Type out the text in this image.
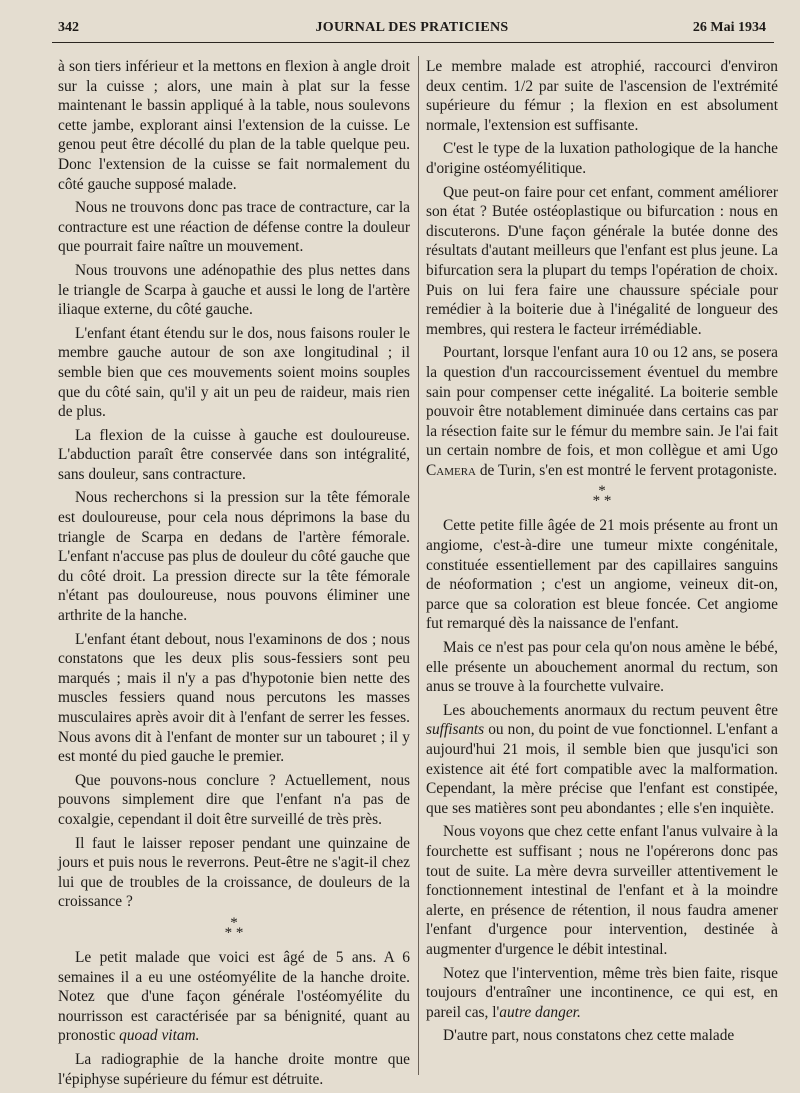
342	JOURNAL DES PRATICIENS	26 Mai 1934

à son tiers inférieur et la mettons en flexion à angle droit sur la cuisse ; alors, une main à plat sur la fesse maintenant le bassin appliqué à la table, nous soulevons cette jambe, explorant ainsi l'extension de la cuisse. Le genou peut être décollé du plan de la table quelque peu. Donc l'extension de la cuisse se fait normalement du côté gauche supposé malade.

Nous ne trouvons donc pas trace de contracture, car la contracture est une réaction de défense contre la douleur que pourrait faire naître un mouvement.

Nous trouvons une adénopathie des plus nettes dans le triangle de Scarpa à gauche et aussi le long de l'artère iliaque externe, du côté gauche.

L'enfant étant étendu sur le dos, nous faisons rouler le membre gauche autour de son axe longitudinal ; il semble bien que ces mouvements soient moins souples que du côté sain, qu'il y ait un peu de raideur, mais rien de plus.

La flexion de la cuisse à gauche est douloureuse. L'abduction paraît être conservée dans son intégralité, sans douleur, sans contracture.

Nous recherchons si la pression sur la tête fémorale est douloureuse, pour cela nous déprimons la base du triangle de Scarpa en dedans de l'artère fémorale. L'enfant n'accuse pas plus de douleur du côté gauche que du côté droit. La pression directe sur la tête fémorale n'étant pas douloureuse, nous pouvons éliminer une arthrite de la hanche.

L'enfant étant debout, nous l'examinons de dos ; nous constatons que les deux plis sous-fessiers sont peu marqués ; mais il n'y a pas d'hypotonie bien nette des muscles fessiers quand nous percutons les masses musculaires après avoir dit à l'enfant de serrer les fesses. Nous avons dit à l'enfant de monter sur un tabouret ; il y est monté du pied gauche le premier.

Que pouvons-nous conclure ? Actuellement, nous pouvons simplement dire que l'enfant n'a pas de coxalgie, cependant il doit être surveillé de très près.

Il faut le laisser reposer pendant une quinzaine de jours et puis nous le reverrons. Peut-être ne s'agit-il chez lui que de troubles de la croissance, de douleurs de la croissance ?

*
* *

Le petit malade que voici est âgé de 5 ans. A 6 semaines il a eu une ostéomyélite de la hanche droite. Notez que d'une façon générale l'ostéomyélite du nourrisson est caractérisée par sa bénignité, quant au pronostic quoad vitam.

La radiographie de la hanche droite montre que l'épiphyse supérieure du fémur est détruite.

Le membre malade est atrophié, raccourci d'environ deux centim. 1/2 par suite de l'ascension de l'extrémité supérieure du fémur ; la flexion en est absolument normale, l'extension est suffisante.

C'est le type de la luxation pathologique de la hanche d'origine ostéomyélitique.

Que peut-on faire pour cet enfant, comment améliorer son état ? Butée ostéoplastique ou bifurcation : nous en discuterons. D'une façon générale la butée donne des résultats d'autant meilleurs que l'enfant est plus jeune. La bifurcation sera la plupart du temps l'opération de choix. Puis on lui fera faire une chaussure spéciale pour remédier à la boiterie due à l'inégalité de longueur des membres, qui restera le facteur irrémédiable.

Pourtant, lorsque l'enfant aura 10 ou 12 ans, se posera la question d'un raccourcissement éventuel du membre sain pour compenser cette inégalité. La boiterie semble pouvoir être notablement diminuée dans certains cas par la résection faite sur le fémur du membre sain. Je l'ai fait un certain nombre de fois, et mon collègue et ami Ugo Camera de Turin, s'en est montré le fervent protagoniste.

*
* *

Cette petite fille âgée de 21 mois présente au front un angiome, c'est-à-dire une tumeur mixte congénitale, constituée essentiellement par des capillaires sanguins de néoformation ; c'est un angiome, veineux dit-on, parce que sa coloration est bleue foncée. Cet angiome fut remarqué dès la naissance de l'enfant.

Mais ce n'est pas pour cela qu'on nous amène le bébé, elle présente un abouchement anormal du rectum, son anus se trouve à la fourchette vulvaire.

Les abouchements anormaux du rectum peuvent être suffisants ou non, du point de vue fonctionnel. L'enfant a aujourd'hui 21 mois, il semble bien que jusqu'ici son existence ait été fort compatible avec la malformation. Cependant, la mère précise que l'enfant est constipée, que ses matières sont peu abondantes ; elle s'en inquiète.

Nous voyons que chez cette enfant l'anus vulvaire à la fourchette est suffisant ; nous ne l'opérerons donc pas tout de suite. La mère devra surveiller attentivement le fonctionnement intestinal de l'enfant et à la moindre alerte, en présence de rétention, il nous faudra amener l'enfant d'urgence pour intervention, destinée à augmenter d'urgence le débit intestinal.

Notez que l'intervention, même très bien faite, risque toujours d'entraîner une incontinence, ce qui est, en pareil cas, l'autre danger.

D'autre part, nous constatons chez cette malade
